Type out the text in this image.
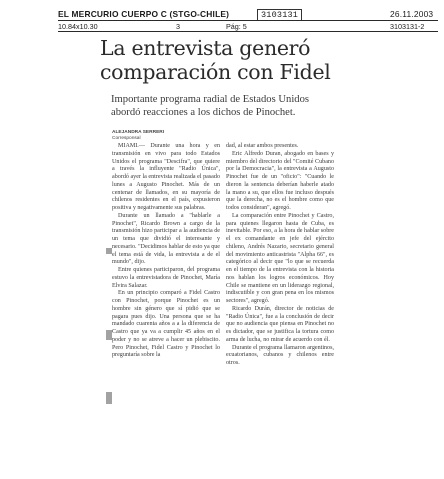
EL MERCURIO CUERPO C (STGO-CHILE)	3103131	26.11.2003
10.84x10.30	3	Pág: 5	3103131-2
La entrevista generó
comparación con Fidel
Importante programa radial de Estados Unidos
abordó reacciones a los dichos de Pinochet.
ALEJANDRA SERRERI
Corresponsal

MIAMI.— Durante una hora y en transmisión en vivo para todo Estados Unidos el programa "Descifra", que quiere a través la influyente "Radio Única", abordó ayer la entrevista realizada el pasado lunes a Augusto Pinochet. Más de un centenar de llamados, en su mayoría de chilenos residentes en el país, expusieron positiva y negativamente sus palabras.

Durante un llamado a "hablarle a Pinochet", Ricardo Brown a cargo de la transmisión hizo participar a la audiencia de un tema que dividió el interesante y necesario. "Decidimos hablar de esto ya que el tema está de vida, la entrevista a de el mundo", dijo.

Entre quienes participaron, del programa estuvo la entrevistadora de Pinochet, María Elvira Salazar.

En un principio comparó a Fidel Castro con Pinochet, porque Pinochet es un hombre sin género que sí pidió que se pagara pues dijo. Una persona que se ha mandado cuarenta años a a la diferencia de Castro que ya va a cumplir 45 años en el poder y no se atreve a hacer un plebiscito. Pero Pinochet, Fidel Castro y Pinochet lo preguntaría sobre la

dad, al estar ambos presentes.

Eric Alfredo Duran, abogado en bases y miembro del directorio del "Comité Cubano por la Democracia", la entrevista a Augusto Pinochet fue de un "oficio": "Cuando le dieron la sentencia deberían haberle atado la mano a su, que ellos fue incluso después que la derecha, no es el hombre como que todos consideran", agregó.

La comparación entre Pinochet y Castro, para quienes llegaron hasta de Cuba, es inevitable. Por eso, a la hora de hablar sobre el ex comandante en jefe del ejército chileno, Andrés Nazario, secretario general del movimiento anticastrista "Alpha 66", es categórico al decir que "lo que se recuerda en el tiempo de la entrevista con la historia nos hablan los logros económicos. Hoy Chile se mantiene en un liderazgo regional, indiscutible y con gran pena en los mismos sectores", agregó.

Ricardo Durán, director de noticias de "Radio Única", fue a la conclusión de decir que no audiencia que piensa en Pinochet no es dictador, que se justifica la tortura como arma de lucha, no mirar de acuerdo con él.

Durante el programa llamaron argentinos, ecuatorianos, cubanos y chilenos entre otros.
